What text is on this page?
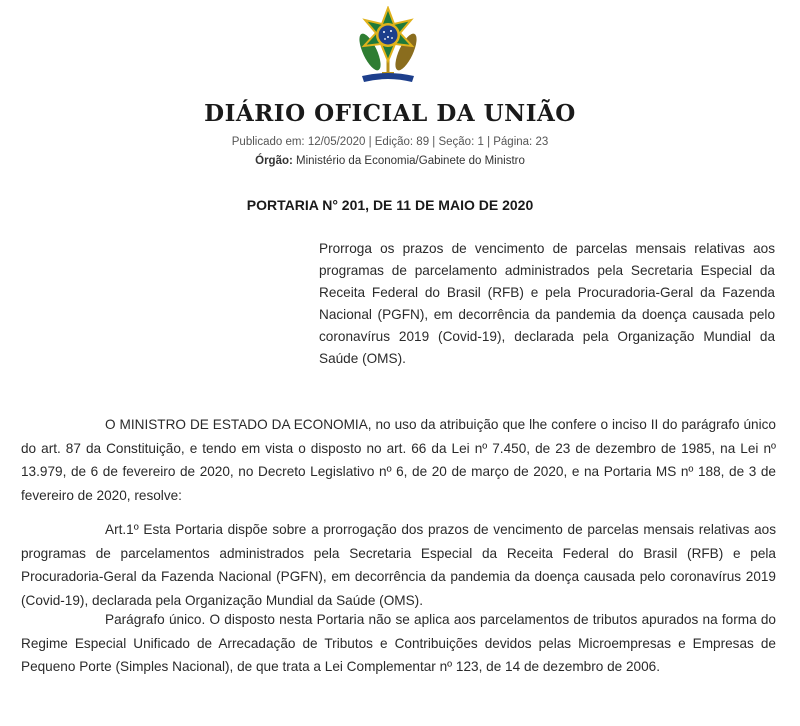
DIÁRIO OFICIAL DA UNIÃO
Publicado em: 12/05/2020 | Edição: 89 | Seção: 1 | Página: 23
Órgão: Ministério da Economia/Gabinete do Ministro
PORTARIA N° 201, DE 11 DE MAIO DE 2020
Prorroga os prazos de vencimento de parcelas mensais relativas aos programas de parcelamento administrados pela Secretaria Especial da Receita Federal do Brasil (RFB) e pela Procuradoria-Geral da Fazenda Nacional (PGFN), em decorrência da pandemia da doença causada pelo coronavírus 2019 (Covid-19), declarada pela Organização Mundial da Saúde (OMS).

O MINISTRO DE ESTADO DA ECONOMIA, no uso da atribuição que lhe confere o inciso II do parágrafo único do art. 87 da Constituição, e tendo em vista o disposto no art. 66 da Lei nº 7.450, de 23 de dezembro de 1985, na Lei nº 13.979, de 6 de fevereiro de 2020, no Decreto Legislativo nº 6, de 20 de março de 2020, e na Portaria MS nº 188, de 3 de fevereiro de 2020, resolve:

Art.1º Esta Portaria dispõe sobre a prorrogação dos prazos de vencimento de parcelas mensais relativas aos programas de parcelamentos administrados pela Secretaria Especial da Receita Federal do Brasil (RFB) e pela Procuradoria-Geral da Fazenda Nacional (PGFN), em decorrência da pandemia da doença causada pelo coronavírus 2019 (Covid-19), declarada pela Organização Mundial da Saúde (OMS).

Parágrafo único. O disposto nesta Portaria não se aplica aos parcelamentos de tributos apurados na forma do Regime Especial Unificado de Arrecadação de Tributos e Contribuições devidos pelas Microempresas e Empresas de Pequeno Porte (Simples Nacional), de que trata a Lei Complementar nº 123, de 14 de dezembro de 2006.
